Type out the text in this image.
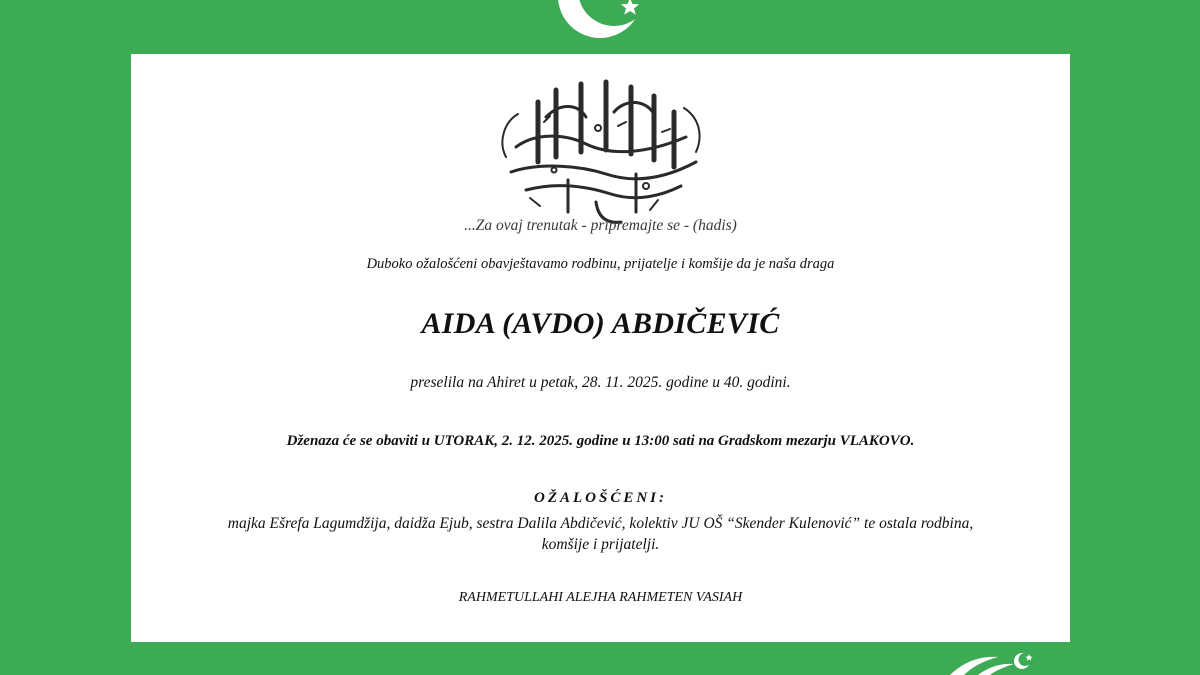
...Za ovaj trenutak - pripremajte se - (hadis)

Duboko ožalošćeni obavještavamo rodbinu, prijatelje i komšije da je naša draga

AIDA (AVDO) ABDIČEVIĆ

preselila na Ahiret u petak, 28. 11. 2025. godine u 40. godini.

Dženaza će se obaviti u UTORAK, 2. 12. 2025. godine u 13:00 sati na Gradskom mezarju VLAKOVO.

OŽALOŠĆENI:

majka Ešrefa Lagumdžija, daidža Ejub, sestra Dalila Abdičević, kolektiv JU OŠ “Skender Kulenović” te ostala rodbina,
komšije i prijatelji.

RAHMETULLAHI ALEJHA RAHMETEN VASIAH
